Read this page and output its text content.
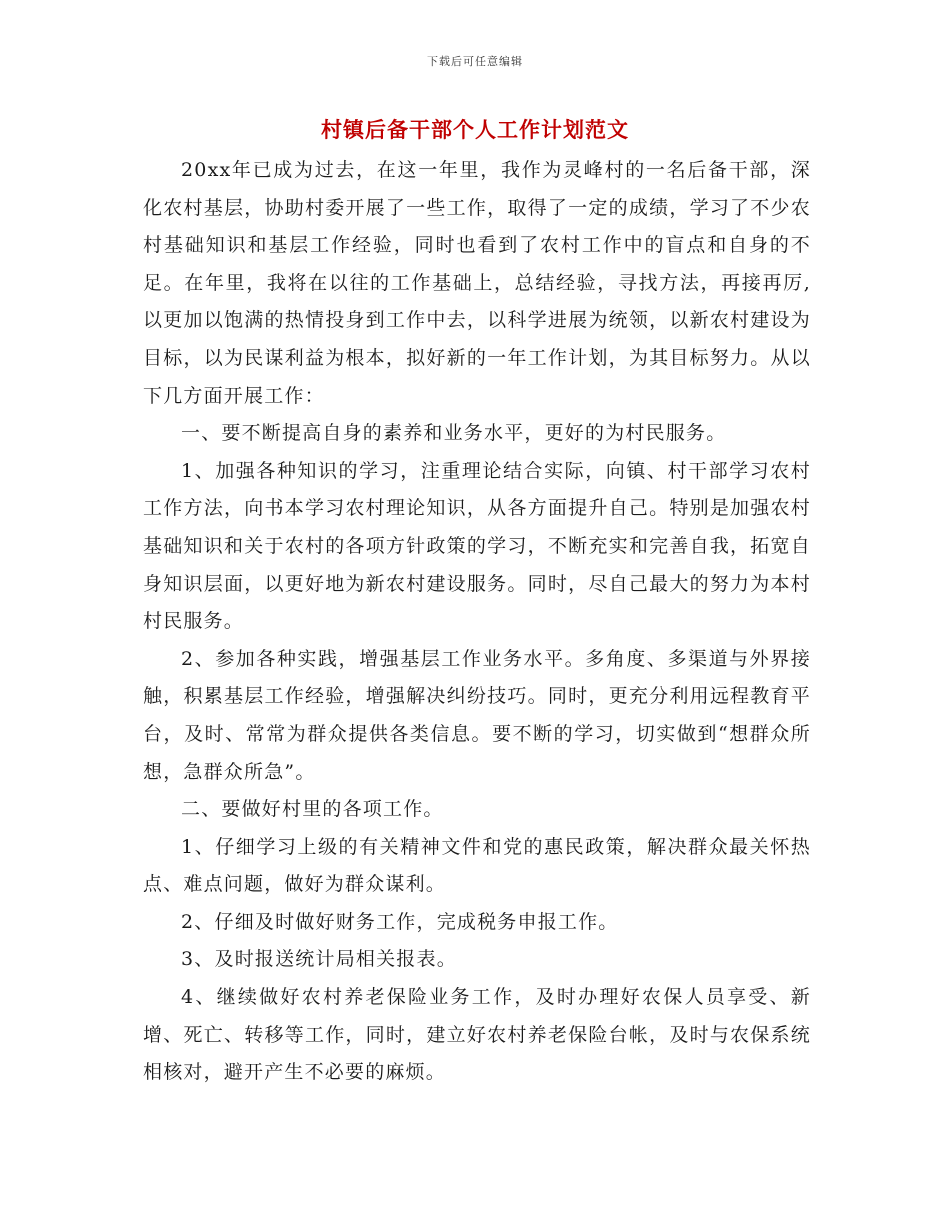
下载后可任意编辑
村镇后备干部个人工作计划范文

20xx年已成为过去，在这一年里，我作为灵峰村的一名后备干部，深化农村基层，协助村委开展了一些工作，取得了一定的成绩，学习了不少农村基础知识和基层工作经验，同时也看到了农村工作中的盲点和自身的不足。在年里，我将在以往的工作基础上，总结经验，寻找方法，再接再厉,以更加以饱满的热情投身到工作中去，以科学进展为统领，以新农村建设为目标，以为民谋利益为根本，拟好新的一年工作计划，为其目标努力。从以下几方面开展工作：

一、要不断提高自身的素养和业务水平，更好的为村民服务。

1、加强各种知识的学习，注重理论结合实际，向镇、村干部学习农村工作方法，向书本学习农村理论知识，从各方面提升自己。特别是加强农村基础知识和关于农村的各项方针政策的学习，不断充实和完善自我，拓宽自身知识层面，以更好地为新农村建设服务。同时，尽自己最大的努力为本村村民服务。

2、参加各种实践，增强基层工作业务水平。多角度、多渠道与外界接触，积累基层工作经验，增强解决纠纷技巧。同时，更充分利用远程教育平台，及时、常常为群众提供各类信息。要不断的学习，切实做到“想群众所想，急群众所急”。

二、要做好村里的各项工作。

1、仔细学习上级的有关精神文件和党的惠民政策，解决群众最关怀热点、难点问题，做好为群众谋利。

2、仔细及时做好财务工作，完成税务申报工作。

3、及时报送统计局相关报表。

4、继续做好农村养老保险业务工作，及时办理好农保人员享受、新增、死亡、转移等工作，同时，建立好农村养老保险台帐，及时与农保系统相核对，避开产生不必要的麻烦。
